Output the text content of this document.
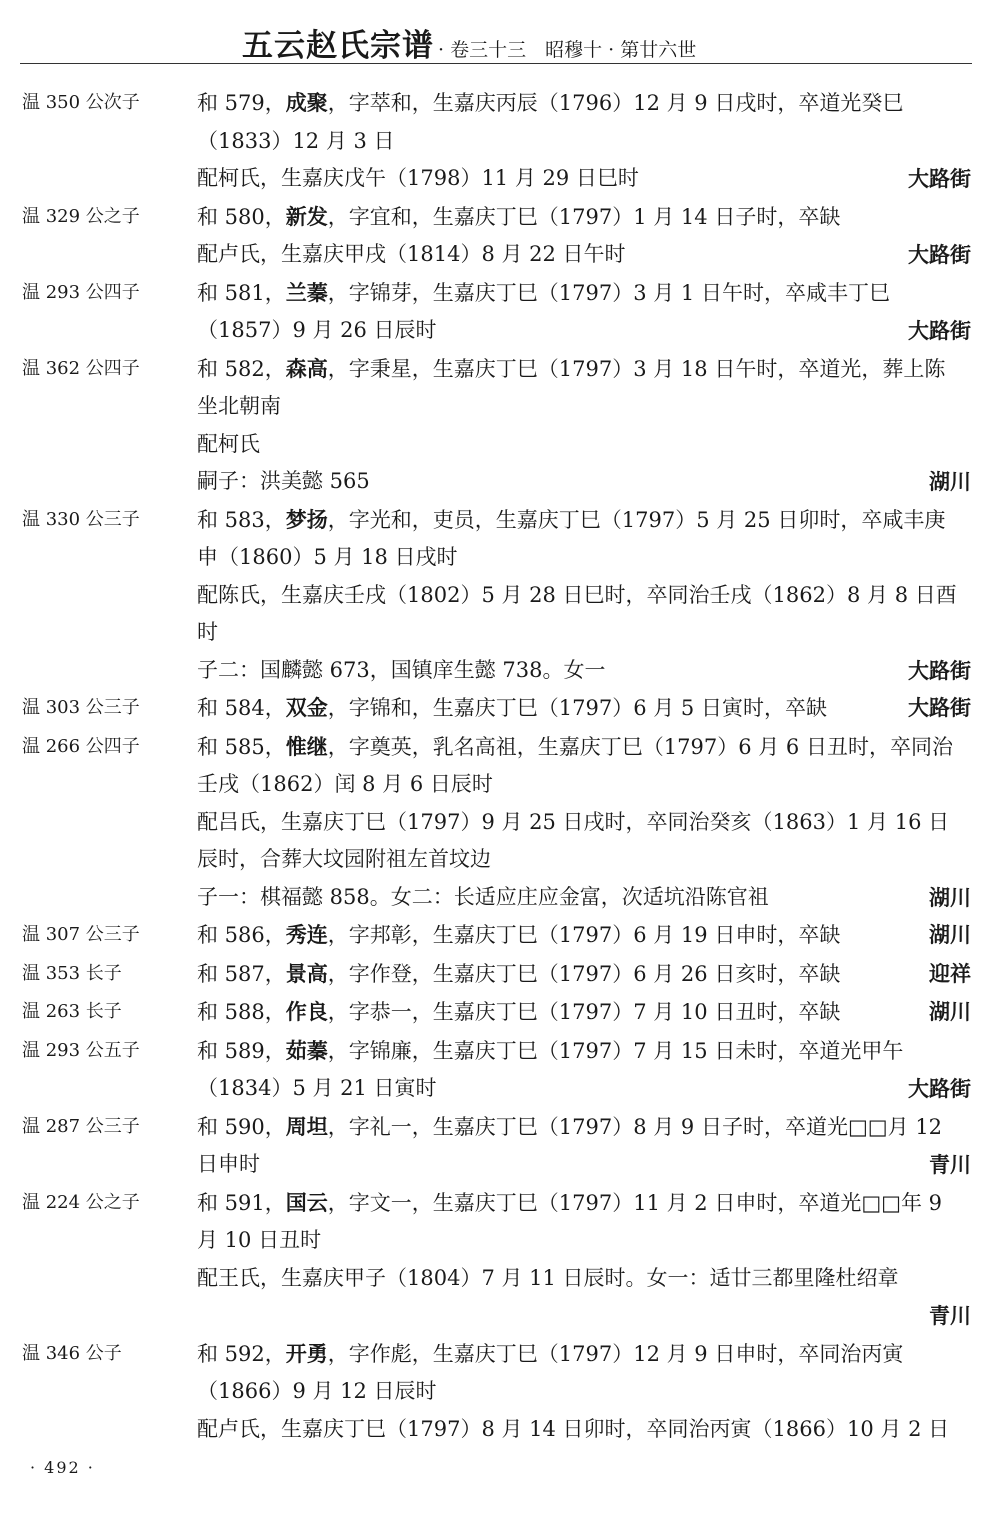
​
五云赵氏宗谱 · 卷三十三　昭穆十 · 第廿六世
温 350 公次子	和 579，成聚，字萃和，生嘉庆丙辰（1796）12 月 9 日戌时，卒道光癸巳
（1833）12 月 3 日
配柯氏，生嘉庆戊午（1798）11 月 29 日巳时	大路街
温 329 公之子	和 580，新发，字宜和，生嘉庆丁巳（1797）1 月 14 日子时，卒缺
配卢氏，生嘉庆甲戌（1814）8 月 22 日午时	大路街
温 293 公四子	和 581，兰蓁，字锦芽，生嘉庆丁巳（1797）3 月 1 日午时，卒咸丰丁巳
（1857）9 月 26 日辰时	大路街
温 362 公四子	和 582，森高，字秉星，生嘉庆丁巳（1797）3 月 18 日午时，卒道光，葬上陈
坐北朝南
配柯氏
嗣子：洪美懿 565	湖川
温 330 公三子	和 583，梦扬，字光和，吏员，生嘉庆丁巳（1797）5 月 25 日卯时，卒咸丰庚
申（1860）5 月 18 日戌时
配陈氏，生嘉庆壬戌（1802）5 月 28 日巳时，卒同治壬戌（1862）8 月 8 日酉
时
子二：国麟懿 673，国镇庠生懿 738。女一	大路街
温 303 公三子	和 584，双金，字锦和，生嘉庆丁巳（1797）6 月 5 日寅时，卒缺	大路街
温 266 公四子	和 585，惟继，字奠英，乳名高祖，生嘉庆丁巳（1797）6 月 6 日丑时，卒同治
壬戌（1862）闰 8 月 6 日辰时
配吕氏，生嘉庆丁巳（1797）9 月 25 日戌时，卒同治癸亥（1863）1 月 16 日
辰时，合葬大坟园附祖左首坟边
子一：棋福懿 858。女二：长适应庄应金富，次适坑沿陈官祖	湖川
温 307 公三子	和 586，秀连，字邦彰，生嘉庆丁巳（1797）6 月 19 日申时，卒缺	湖川
温 353 长子	和 587，景高，字作登，生嘉庆丁巳（1797）6 月 26 日亥时，卒缺	迎祥
温 263 长子	和 588，作良，字恭一，生嘉庆丁巳（1797）7 月 10 日丑时，卒缺	湖川
温 293 公五子	和 589，茹蓁，字锦廉，生嘉庆丁巳（1797）7 月 15 日未时，卒道光甲午
（1834）5 月 21 日寅时	大路街
温 287 公三子	和 590，周坦，字礼一，生嘉庆丁巳（1797）8 月 9 日子时，卒道光□□月 12
日申时	青川
温 224 公之子	和 591，国云，字文一，生嘉庆丁巳（1797）11 月 2 日申时，卒道光□□年 9
月 10 日丑时
配王氏，生嘉庆甲子（1804）7 月 11 日辰时。女一：适廿三都里隆杜绍章

青川
温 346 公子	和 592，开勇，字作彪，生嘉庆丁巳（1797）12 月 9 日申时，卒同治丙寅
（1866）9 月 12 日辰时
配卢氏，生嘉庆丁巳（1797）8 月 14 日卯时，卒同治丙寅（1866）10 月 2 日
· 492 ·
